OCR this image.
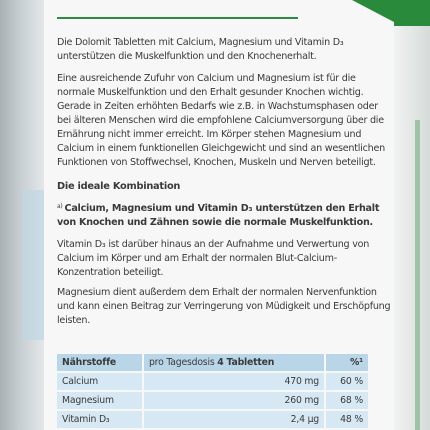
Die Dolomit Tabletten mit Calcium, Magnesium und Vitamin D₃ unterstützen die Muskelfunktion und den Knochenerhalt.

Eine ausreichende Zufuhr von Calcium und Magnesium ist für die normale Muskelfunktion und den Erhalt gesunder Knochen wichtig. Gerade in Zeiten erhöhten Bedarfs wie z.B. in Wachstumsphasen oder bei älteren Menschen wird die empfohlene Calciumversorgung über die Ernährung nicht immer erreicht. Im Körper stehen Magnesium und Calcium in einem funktionellen Gleichgewicht und sind an wesentlichen Funktionen von Stoffwechsel, Knochen, Muskeln und Nerven beteiligt.

Die ideale Kombination

$^{a)}$ Calcium, Magnesium und Vitamin D₃ unterstützen den Erhalt von Knochen und Zähnen sowie die normale Muskelfunktion.

Vitamin D₃ ist darüber hinaus an der Aufnahme und Verwertung von Calcium im Körper und am Erhalt der normalen Blut-Calcium-Konzentration beteiligt.

Magnesium dient außerdem dem Erhalt der normalen Nervenfunktion und kann einen Beitrag zur Verringerung von Müdigkeit und Erschöpfung leisten.

Nährstoffe	pro Tagesdosis 4 Tabletten	%¹
Calcium	470 mg	60 %
Magnesium	260 mg	68 %
Vitamin D₃	2,4 µg	48 %
